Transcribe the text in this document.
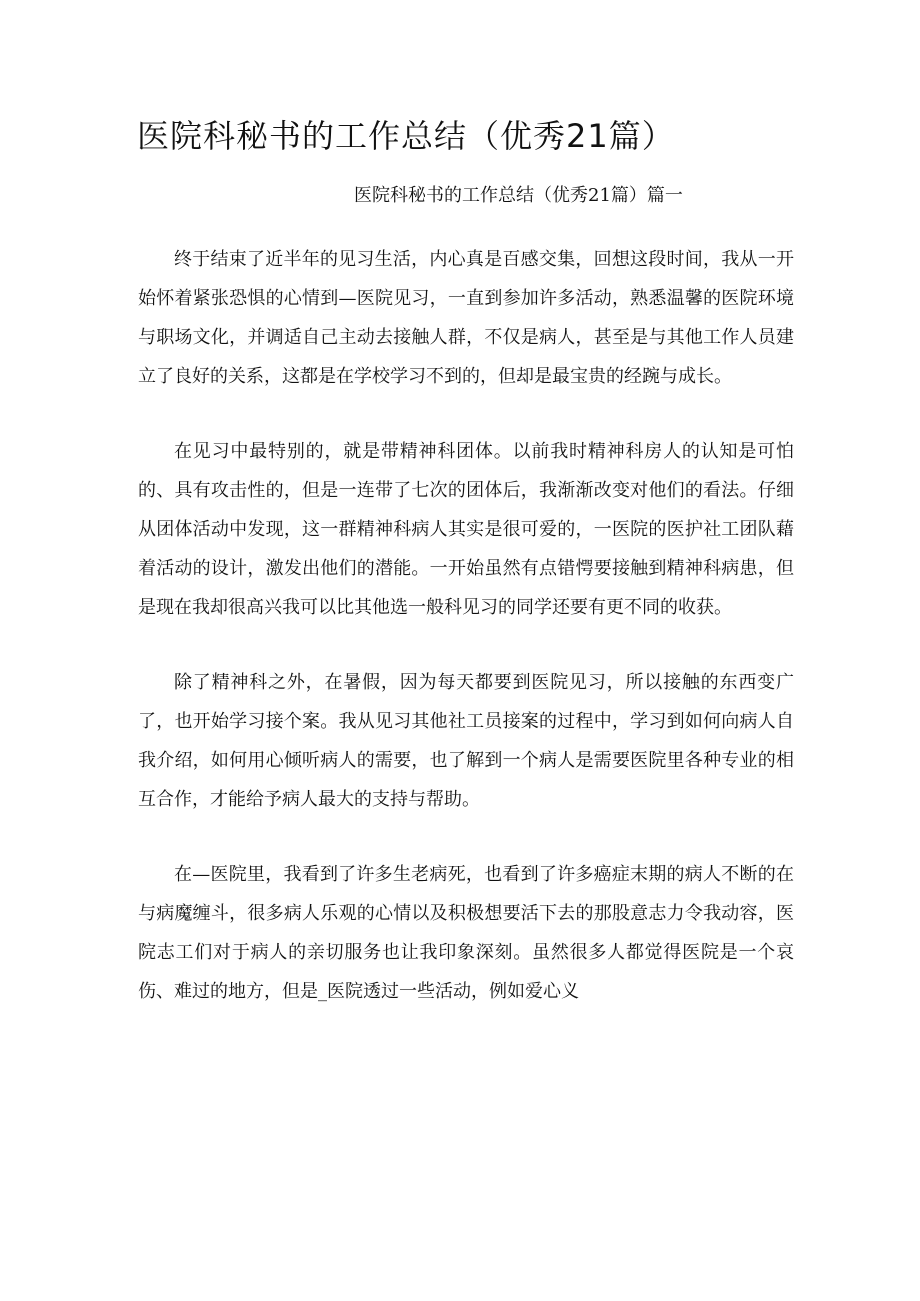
医院科秘书的工作总结（优秀21篇）
医院科秘书的工作总结（优秀21篇）篇一

终于结束了近半年的见习生活，内心真是百感交集，回想这段时间，我从一开始怀着紧张恐惧的心情到—医院见习，一直到参加许多活动，熟悉温馨的医院环境与职场文化，并调适自己主动去接触人群，不仅是病人，甚至是与其他工作人员建立了良好的关系，这都是在学校学习不到的，但却是最宝贵的经踠与成长。

在见习中最特别的，就是带精神科团体。以前我时精神科房人的认知是可怕的、具有攻击性的，但是一连带了七次的团体后，我渐渐改变对他们的看法。仔细从团体活动中发现，这一群精神科病人其实是很可爱的，一医院的医护社工团队藉着活动的设计，激发出他们的潜能。一开始虽然有点错愕要接触到精神科病患，但是现在我却很高兴我可以比其他选一般科见习的同学还要有更不同的收获。

除了精神科之外，在暑假，因为每天都要到医院见习，所以接触的东西变广了，也开始学习接个案。我从见习其他社工员接案的过程中，学习到如何向病人自我介绍，如何用心倾听病人的需要，也了解到一个病人是需要医院里各种专业的相互合作，才能给予病人最大的支持与帮助。

在—医院里，我看到了许多生老病死，也看到了许多癌症末期的病人不断的在与病魔缠斗，很多病人乐观的心情以及积极想要活下去的那股意志力令我动容，医院志工们对于病人的亲切服务也让我印象深刻。虽然很多人都觉得医院是一个哀伤、难过的地方，但是_医院透过一些活动，例如爱心义
